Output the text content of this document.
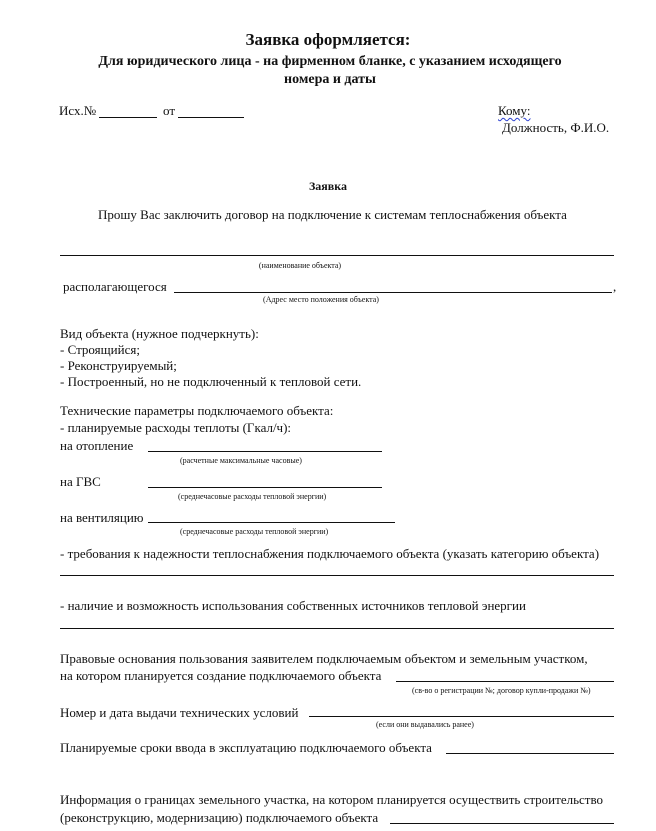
Заявка оформляется:
Для юридического лица - на фирменном бланке, с указанием исходящего
номера и даты
Исх.№	от	Кому:
Должность, Ф.И.О.
Заявка
Прошу Вас заключить договор на подключение к системам теплоснабжения объекта
(наименование объекта)
располагающегося	,
(Адрес место положения объекта)
Вид объекта (нужное подчеркнуть):
- Строящийся;
- Реконструируемый;
- Построенный, но не подключенный к тепловой сети.
Технические параметры подключаемого объекта:
- планируемые расходы теплоты (Гкал/ч):
на отопление
(расчетные максимальные часовые)
на ГВС
(среднечасовые расходы тепловой энергии)
на вентиляцию
(среднечасовые расходы тепловой энергии)
- требования к надежности теплоснабжения подключаемого объекта (указать категорию объекта)
- наличие и возможность использования собственных источников тепловой энергии
Правовые основания пользования заявителем подключаемым объектом и земельным участком,
на котором планируется создание подключаемого объекта
(св-во о регистрации №; договор купли-продажи №)
Номер и дата выдачи технических условий
(если они выдавались ранее)
Планируемые сроки ввода в эксплуатацию подключаемого объекта
Информация о границах земельного участка, на котором планируется осуществить строительство
(реконструкцию, модернизацию) подключаемого объекта
